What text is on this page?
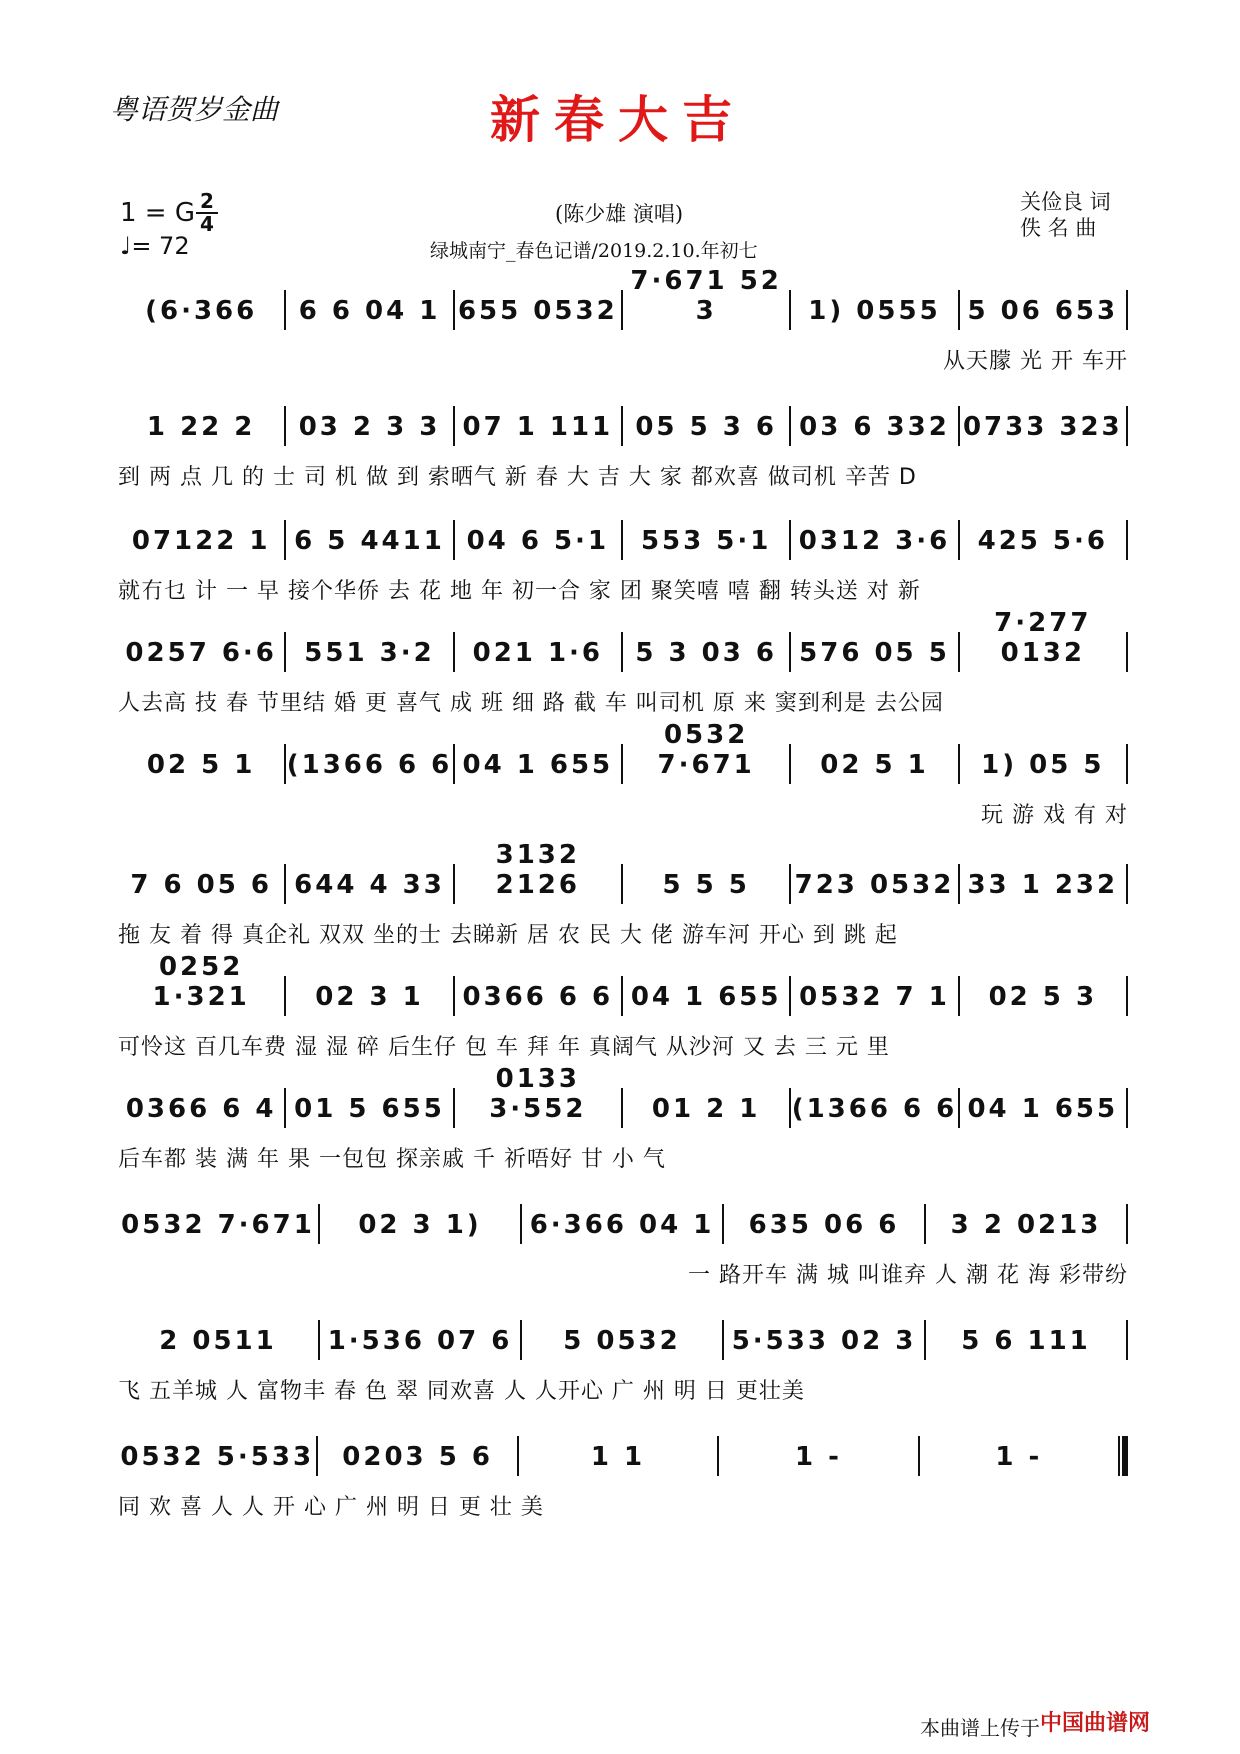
粤语贺岁金曲	新春大吉
1 = G 2
4
♩= 72
(陈少雄 演唱)
绿城南宁_春色记谱/2019.2.10.年初七
关俭良 词
佚 名 曲
(6·366	6 6 04 1 655 0532
7·671 52 3	1) 0555	5 06 653
从天朦 光 开 车开
1 22 2	03 2 3 3 07 1 111 05 5 3 6 03 6 332 0733 323
到 两 点 几 的 士 司 机 做 到 索晒气 新 春 大 吉 大 家 都欢喜 做司机 辛苦 D
07122 1 6 5 4411 04 6 5·1	553 5·1	0312 3·6	425 5·6
就冇乜 计 一 早 接个华侨 去 花 地 年 初一合 家 团 聚笑嘻 嘻 翻 转头送 对 新
0257 6·6	551 3·2	021 1·6	5 3 03 6 576 05 5
7·277 0132
人去高 技 春 节里结 婚 更 喜气 成 班 细 路 截 车 叫司机 原 来 窦到利是 去公园
02 5 1	(1366 6 6 04 1 655
0532 7·671	02 5 1	1) 05 5
玩 游 戏 有 对
7 6 05 6 644 4 33
3132 2126	5 5 5	723 0532 33 1 232
拖 友 着 得 真企礼 双双 坐的士 去睇新 居 农 民 大 佬 游车河 开心 到 跳 起
0252 1·321	02 3 1	0366 6 6 04 1 655 0532 7 1	02 5 3
可怜这 百几车费 湿 湿 碎 后生仔 包 车 拜 年 真阔气 从沙河 又 去 三 元 里
0366 6 4 01 5 655
0133 3·552	01 2 1	(1366 6 6 04 1 655
后车都 装 满 年 果 一包包 探亲戚 千 祈唔好 甘 小 气
0532 7·671	02 3 1)	6·366 04 1	635 06 6	3 2 0213
一 路开车 满 城 叫谁弃 人 潮 花 海 彩带纷
2 0511	1·536 07 6	5 0532	5·533 02 3	5 6 111
飞 五羊城 人 富物丰 春 色 翠 同欢喜 人 人开心 广 州 明 日 更壮美
0532 5·533	0203 5 6	1 1	1 -	1 -
同 欢 喜 人 人 开 心 广 州 明 日 更 壮 美
本曲谱上传于 中国曲谱网
